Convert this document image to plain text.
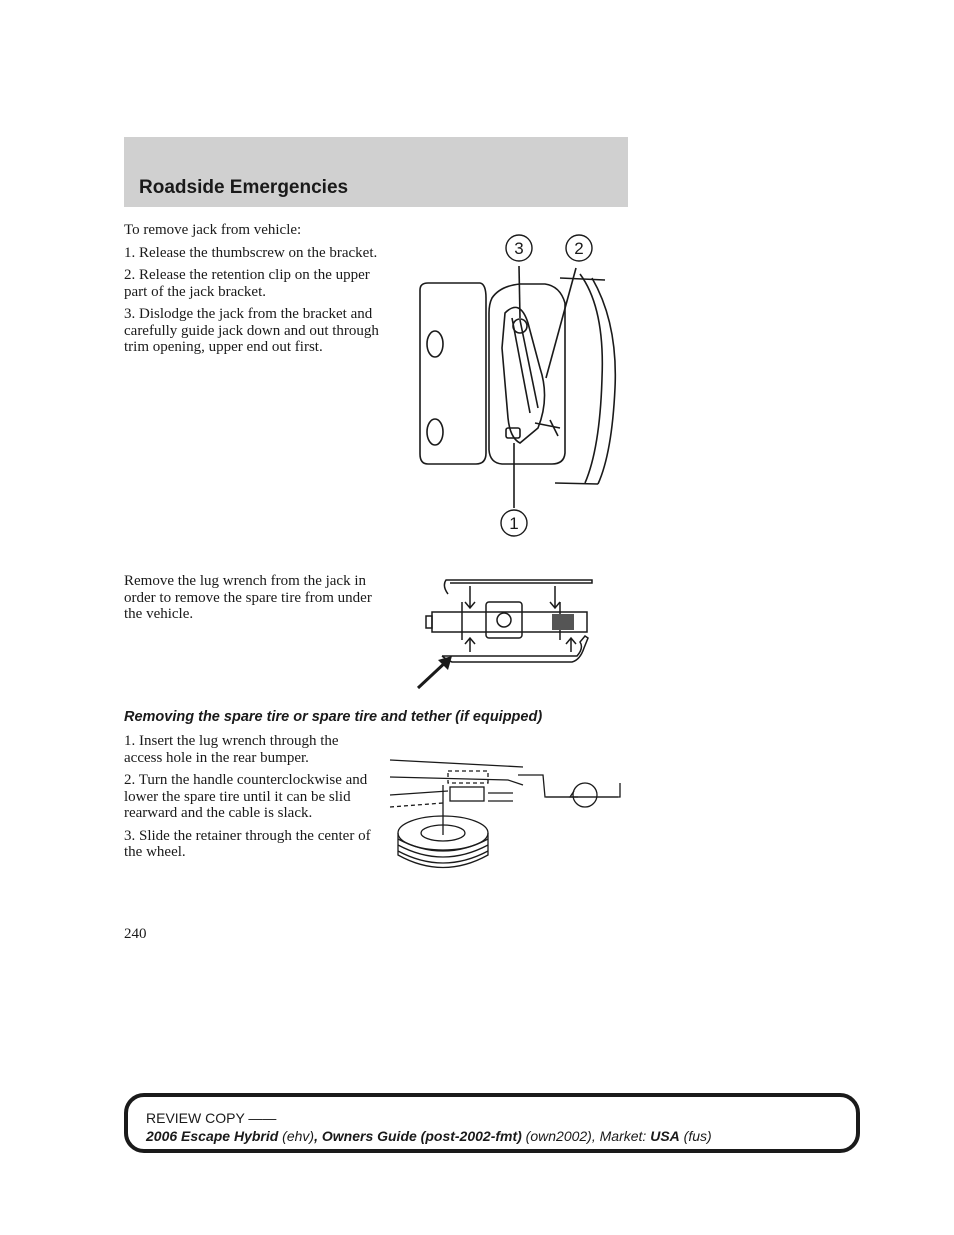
Roadside Emergencies

To remove jack from vehicle:

1. Release the thumbscrew on the bracket.

2. Release the retention clip on the upper part of the jack bracket.

3. Dislodge the jack from the bracket and carefully guide jack down and out through trim opening, upper end out first.

3	2
1

Remove the lug wrench from the jack in order to remove the spare tire from under the vehicle.

Removing the spare tire or spare tire and tether (if equipped)

1. Insert the lug wrench through the access hole in the rear bumper.

2. Turn the handle counterclockwise and lower the spare tire until it can be slid rearward and the cable is slack.

3. Slide the retainer through the center of the wheel.

240
REVIEW COPY ——
2006 Escape Hybrid (ehv), Owners Guide (post-2002-fmt) (own2002), Market: USA (fus)
